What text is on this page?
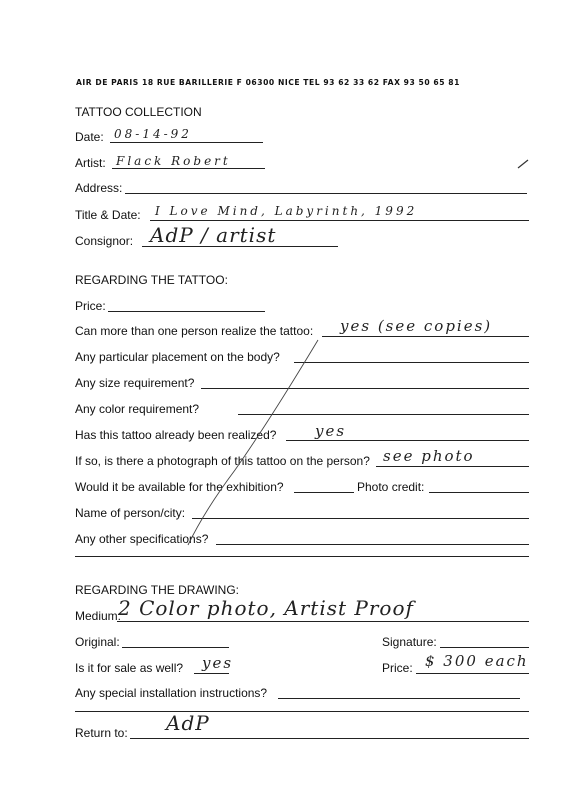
AIR DE PARIS 18 RUE BARILLERIE F 06300 NICE TEL 93 62 33 62 FAX 93 50 65 81
TATTOO COLLECTION
Date: 08-14-92
Artist: Flack Robert
Address:
Title & Date: I Love Mind, Labyrinth, 1992
Consignor: AdP / artist
REGARDING THE TATTOO:
Price:
Can more than one person realize the tattoo: yes (see copies)
Any particular placement on the body?
Any size requirement?
Any color requirement?
Has this tattoo already been realized?	yes
If so, is there a photograph of this tattoo on the person? see photo
Would it be available for the exhibition?	Photo credit:
Name of person/city:
Any other specifications?
REGARDING THE DRAWING:
Medium:
2 Color photo, Artist Proof
Original:	Signature:
Is it for sale as well? yes	Price: $ 300 each
Any special installation instructions?
Return to: AdP
